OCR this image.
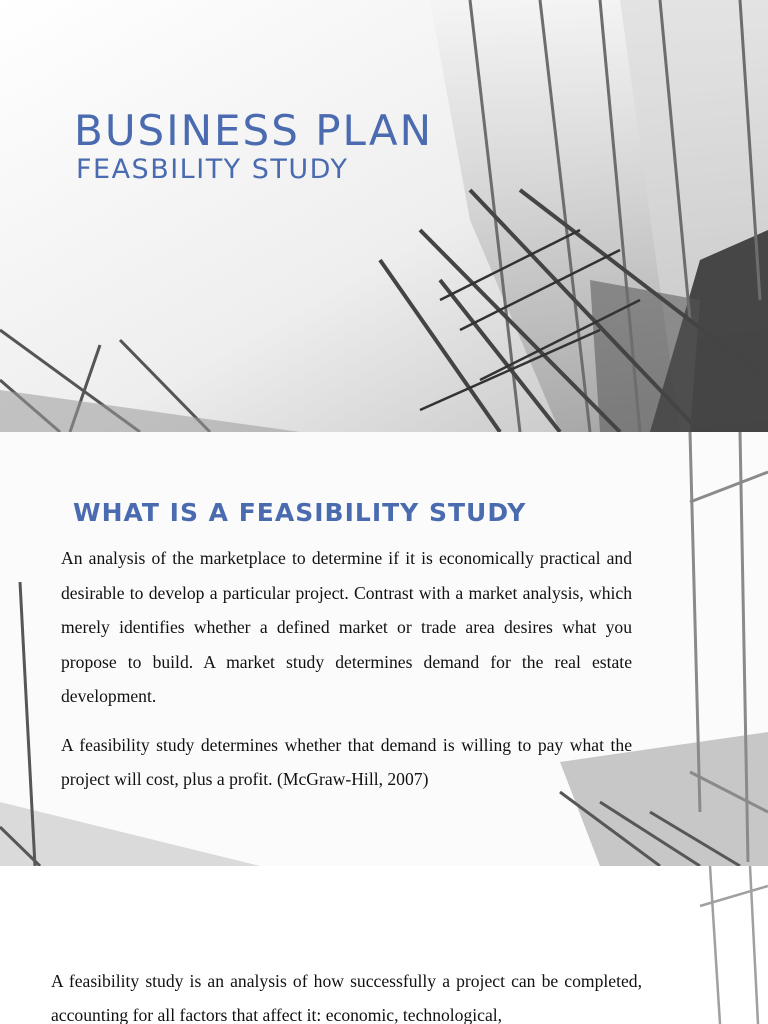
BUSINESS PLAN
FEASBILITY STUDY
WHAT IS A FEASIBILITY STUDY

An analysis of the marketplace to determine if it is economically practical and desirable to develop a particular project. Contrast with a market analysis, which merely identifies whether a defined market or trade area desires what you propose to build. A market study determines demand for the real estate development.

A feasibility study determines whether that demand is willing to pay what the project will cost, plus a profit. (McGraw-Hill, 2007)

A feasibility study is an analysis of how successfully a project can be completed, accounting for all factors that affect it: economic, technological,
